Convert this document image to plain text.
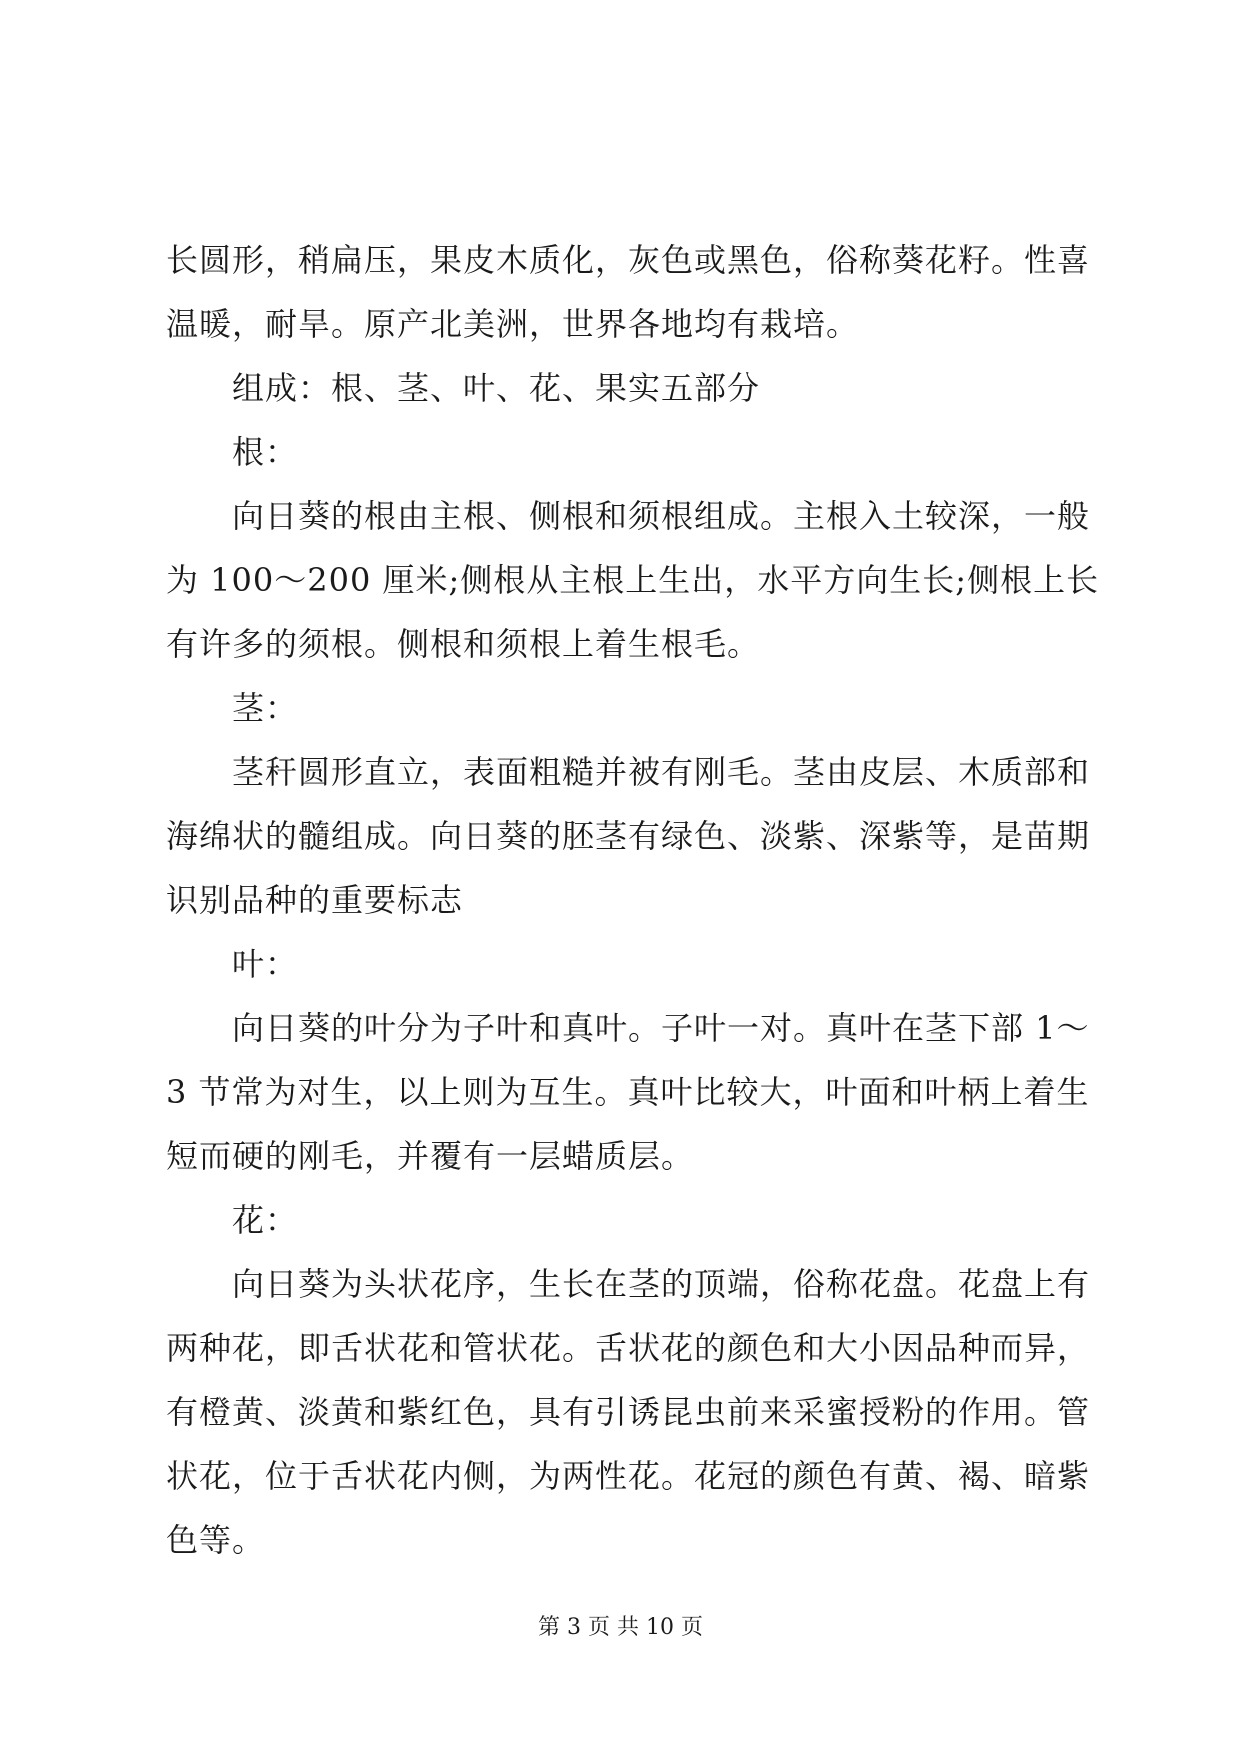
长圆形，稍扁压，果皮木质化，灰色或黑色，俗称葵花籽。性喜
温暖，耐旱。原产北美洲，世界各地均有栽培。
组成：根、茎、叶、花、果实五部分
根：
向日葵的根由主根、侧根和须根组成。主根入土较深，一般
为 100～200 厘米;侧根从主根上生出，水平方向生长;侧根上长
有许多的须根。侧根和须根上着生根毛。
茎：
茎秆圆形直立，表面粗糙并被有刚毛。茎由皮层、木质部和
海绵状的髓组成。向日葵的胚茎有绿色、淡紫、深紫等，是苗期
识别品种的重要标志
叶：
向日葵的叶分为子叶和真叶。子叶一对。真叶在茎下部 1～
3 节常为对生，以上则为互生。真叶比较大，叶面和叶柄上着生
短而硬的刚毛，并覆有一层蜡质层。
花：
向日葵为头状花序，生长在茎的顶端，俗称花盘。花盘上有
两种花，即舌状花和管状花。舌状花的颜色和大小因品种而异，
有橙黄、淡黄和紫红色，具有引诱昆虫前来采蜜授粉的作用。管
状花，位于舌状花内侧，为两性花。花冠的颜色有黄、褐、暗紫
色等。
第 3 页 共 10 页
